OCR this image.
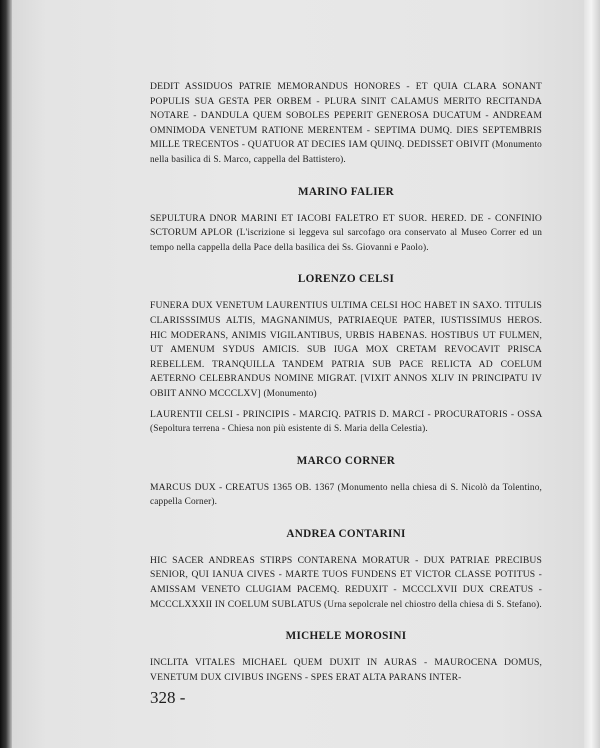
DEDIT ASSIDUOS PATRIE MEMORANDUS HONORES - ET QUIA CLARA SONANT POPULIS SUA GESTA PER ORBEM - PLURA SINIT CALAMUS MERITO RECITANDA NOTARE - DANDULA QUEM SOBOLES PEPERIT GENEROSA DUCATUM - ANDREAM OMNIMODA VENETUM RATIONE MERENTEM - SEPTIMA DUMQ. DIES SEPTEMBRIS MILLE TRECENTOS - QUATUOR AT DECIES IAM QUINQ. DEDISSET OBIVIT (Monumento nella basilica di S. Marco, cappella del Battistero).

MARINO FALIER

SEPULTURA DNOR MARINI ET IACOBI FALETRO ET SUOR. HERED. DE - CONFINIO SCTORUM APLOR (L'iscrizione si leggeva sul sarcofago ora conservato al Museo Correr ed un tempo nella cappella della Pace della basilica dei Ss. Giovanni e Paolo).

LORENZO CELSI

FUNERA DUX VENETUM LAURENTIUS ULTIMA CELSI HOC HABET IN SAXO. TITULIS CLARISSSIMUS ALTIS, MAGNANIMUS, PATRIAEQUE PATER, IUSTISSIMUS HEROS. HIC MODERANS, ANIMIS VIGILANTIBUS, URBIS HABENAS. HOSTIBUS UT FULMEN, UT AMENUM SYDUS AMICIS. SUB IUGA MOX CRETAM REVOCAVIT PRISCA REBELLEM. TRANQUILLA TANDEM PATRIA SUB PACE RELICTA AD COELUM AETERNO CELEBRANDUS NOMINE MIGRAT. [VIXIT ANNOS XLIV IN PRINCIPATU IV OBIIT ANNO MCCCLXV] (Monumento)

LAURENTII CELSI - PRINCIPIS - MARCIQ. PATRIS D. MARCI - PROCURATORIS - OSSA (Sepoltura terrena - Chiesa non più esistente di S. Maria della Celestia).

MARCO CORNER

MARCUS DUX - CREATUS 1365 OB. 1367 (Monumento nella chiesa di S. Nicolò da Tolentino, cappella Corner).

ANDREA CONTARINI

HIC SACER ANDREAS STIRPS CONTARENA MORATUR - DUX PATRIAE PRECIBUS SENIOR, QUI IANUA CIVES - MARTE TUOS FUNDENS ET VICTOR CLASSE POTITUS - AMISSAM VENETO CLUGIAM PACEMQ. REDUXIT - MCCCLXVII DUX CREATUS - MCCCLXXXII IN COELUM SUBLATUS (Urna sepolcrale nel chiostro della chiesa di S. Stefano).

MICHELE MOROSINI

INCLITA VITALES MICHAEL QUEM DUXIT IN AURAS - MAUROCENA DOMUS, VENETUM DUX CIVIBUS INGENS - SPES ERAT ALTA PARANS INTER-

328 -
